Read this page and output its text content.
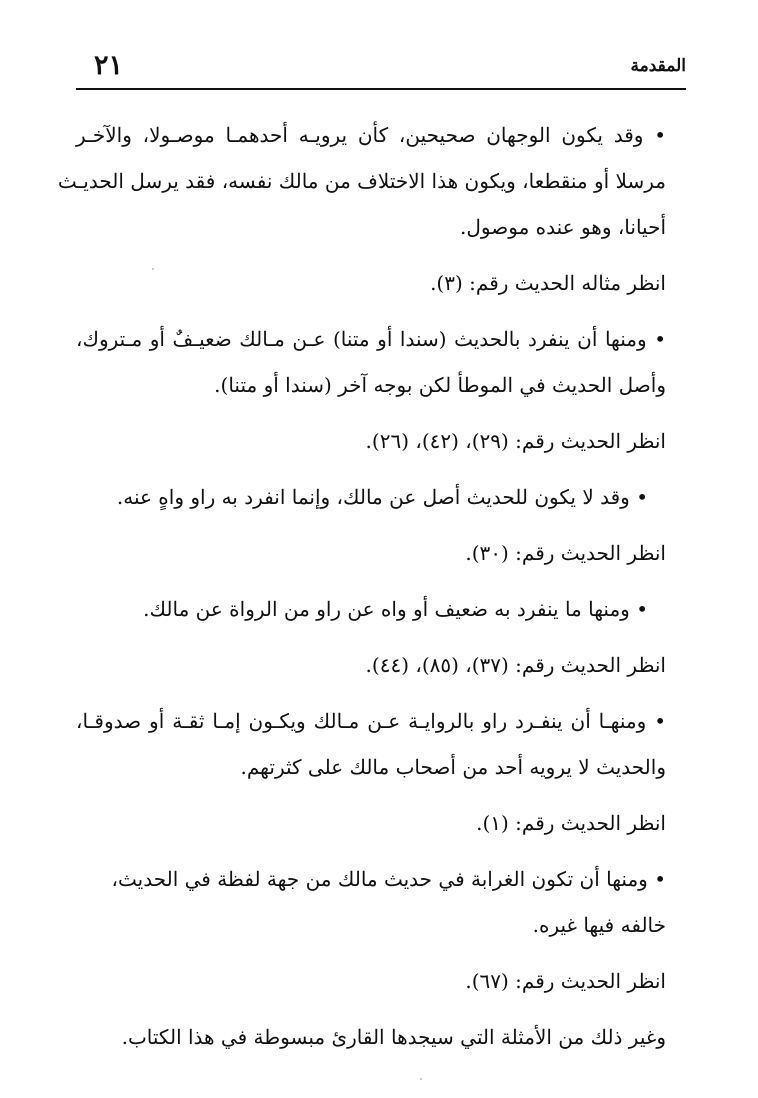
المقدمة
٢١
• وقد يكون الوجهان صحيحين، كأن يرويـه أحدهمـا موصـولا، والآخـر
مرسلا أو منقطعا، ويكون هذا الاختلاف من مالك نفسه، فقد يرسل الحديـث
أحيانا، وهو عنده موصول.
انظر مثاله الحديث رقم: (٣).
• ومنها أن ينفرد بالحديث (سندا أو متنا) عـن مـالك ضعيـفٌ أو مـتروك،
وأصل الحديث في الموطأ لكن بوجه آخر (سندا أو متنا).
انظر الحديث رقم: (٢٩)، (٤٢)، (٢٦).
• وقد لا يكون للحديث أصل عن مالك، وإنما انفرد به راو واهٍ عنه.
انظر الحديث رقم: (٣٠).
• ومنها ما ينفرد به ضعيف أو واه عن راو من الرواة عن مالك.
انظر الحديث رقم: (٣٧)، (٨٥)، (٤٤).
• ومنهـا أن ينفـرد راو بالروايـة عـن مـالك ويكـون إمـا ثقـة أو صدوقـا،
والحديث لا يرويه أحد من أصحاب مالك على كثرتهم.
انظر الحديث رقم: (١).
• ومنها أن تكون الغرابة في حديث مالك من جهة لفظة في الحديث،
خالفه فيها غيره.
انظر الحديث رقم: (٦٧).
وغير ذلك من الأمثلة التي سيجدها القارئ مبسوطة في هذا الكتاب.
